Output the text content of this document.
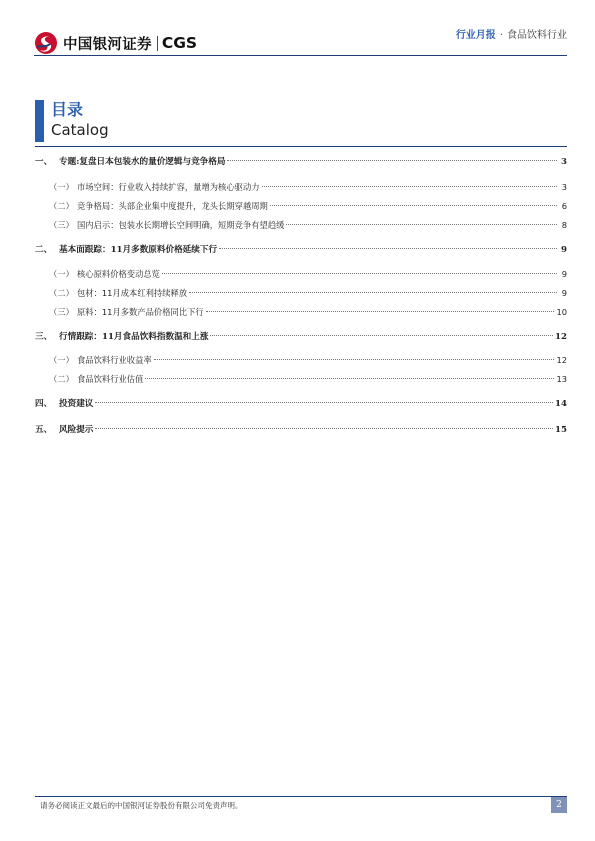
中国银河证券 CGS	行业月报 · 食品饮料行业
目录
Catalog
一、 专题:复盘日本包装水的量价逻辑与竞争格局	3
（一） 市场空间：行业收入持续扩容，量增为核心驱动力	3
（二） 竞争格局：头部企业集中度提升，龙头长期穿越周期	6
（三） 国内启示：包装水长期增长空间明确，短期竞争有望趋缓	8
二、 基本面跟踪：11月多数原料价格延续下行	9
（一） 核心原料价格变动总览	9
（二） 包材：11月成本红利持续释放	9
（三） 原料：11月多数产品价格同比下行	10
三、 行情跟踪：11月食品饮料指数温和上涨	12
（一） 食品饮料行业收益率	12
（二） 食品饮料行业估值	13
四、 投资建议	14
五、 风险提示	15
请务必阅读正文最后的中国银河证券股份有限公司免责声明。	2
